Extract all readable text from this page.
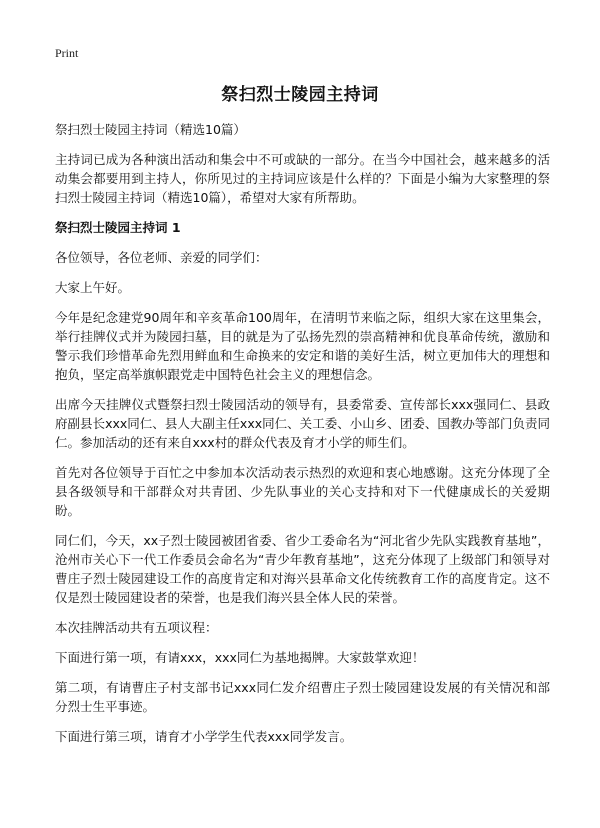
Print
祭扫烈士陵园主持词

祭扫烈士陵园主持词（精选10篇）

主持词已成为各种演出活动和集会中不可或缺的一部分。在当今中国社会，越来越多的活动集会都要用到主持人，你所见过的主持词应该是什么样的？下面是小编为大家整理的祭扫烈士陵园主持词（精选10篇），希望对大家有所帮助。

祭扫烈士陵园主持词 1

各位领导，各位老师、亲爱的同学们：

大家上午好。

今年是纪念建党90周年和辛亥革命100周年，在清明节来临之际，组织大家在这里集会，举行挂牌仪式并为陵园扫墓，目的就是为了弘扬先烈的崇高精神和优良革命传统，激励和警示我们珍惜革命先烈用鲜血和生命换来的安定和谐的美好生活，树立更加伟大的理想和抱负，坚定高举旗帜跟党走中国特色社会主义的理想信念。

出席今天挂牌仪式暨祭扫烈士陵园活动的领导有，县委常委、宣传部长xxx强同仁、县政府副县长xxx同仁、县人大副主任xxx同仁、关工委、小山乡、团委、国教办等部门负责同仁。参加活动的还有来自xxx村的群众代表及育才小学的师生们。

首先对各位领导于百忙之中参加本次活动表示热烈的欢迎和衷心地感谢。这充分体现了全县各级领导和干部群众对共青团、少先队事业的关心支持和对下一代健康成长的关爱期盼。

同仁们，今天，xx子烈士陵园被团省委、省少工委命名为“河北省少先队实践教育基地”，沧州市关心下一代工作委员会命名为“青少年教育基地”，这充分体现了上级部门和领导对曹庄子烈士陵园建设工作的高度肯定和对海兴县革命文化传统教育工作的高度肯定。这不仅是烈士陵园建设者的荣誉，也是我们海兴县全体人民的荣誉。

本次挂牌活动共有五项议程：

下面进行第一项，有请xxx，xxx同仁为基地揭牌。大家鼓掌欢迎！

第二项，有请曹庄子村支部书记xxx同仁发介绍曹庄子烈士陵园建设发展的有关情况和部分烈士生平事迹。

下面进行第三项，请育才小学学生代表xxx同学发言。
